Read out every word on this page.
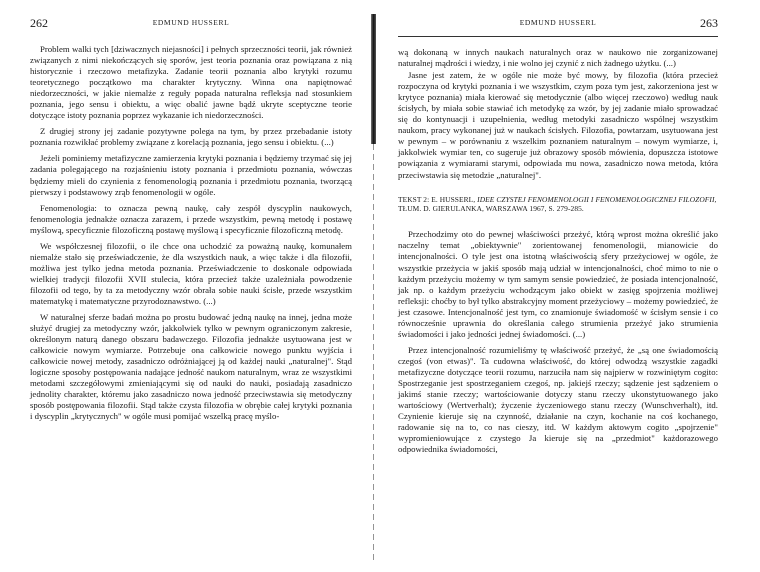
262	EDMUND HUSSERL

Problem walki tych [dziwacznych niejasności] i pełnych sprzeczności teorii, jak również związanych z nimi niekończących się sporów, jest teoria poznania oraz powiązana z nią historycznie i rzeczowo metafizyka. Zadanie teorii poznania albo krytyki rozumu teoretycznego początkowo ma charakter krytyczny. Winna ona napiętnować niedorzeczności, w jakie niemalże z reguły popada naturalna refleksja nad stosunkiem poznania, jego sensu i obiektu, a więc obalić jawne bądź ukryte sceptyczne teorie dotyczące istoty poznania poprzez wykazanie ich niedorzeczności.

Z drugiej strony jej zadanie pozytywne polega na tym, by przez przebadanie istoty poznania rozwikłać problemy związane z korelacją poznania, jego sensu i obiektu. (...)

Jeżeli pominiemy metafizyczne zamierzenia krytyki poznania i będziemy trzymać się jej zadania polegającego na rozjaśnieniu istoty poznania i przedmiotu poznania, wówczas będziemy mieli do czynienia z fenomenologią poznania i przedmiotu poznania, tworzącą pierwszy i podstawowy zrąb fenomenologii w ogóle.

Fenomenologia: to oznacza pewną naukę, cały zespół dyscyplin naukowych, fenomenologia jednakże oznacza zarazem, i przede wszystkim, pewną metodę i postawę myślową, specyficznie filozoficzną postawę myślową i specyficznie filozoficzną metodę.

We współczesnej filozofii, o ile chce ona uchodzić za poważną naukę, komunałem niemalże stało się przeświadczenie, że dla wszystkich nauk, a więc także i dla filozofii, możliwa jest tylko jedna metoda poznania. Przeświadczenie to doskonale odpowiada wielkiej tradycji filozofii XVII stulecia, która przecież także uzależniała powodzenie filozofii od tego, by ta za metodyczny wzór obrała sobie nauki ścisłe, przede wszystkim matematykę i matematyczne przyrodoznawstwo. (...)

W naturalnej sferze badań można po prostu budować jedną naukę na innej, jedna może służyć drugiej za metodyczny wzór, jakkolwiek tylko w pewnym ograniczonym zakresie, określonym naturą danego obszaru badawczego. Filozofia jednakże usytuowana jest w całkowicie nowym wymiarze. Potrzebuje ona całkowicie nowego punktu wyjścia i całkowicie nowej metody, zasadniczo odróżniającej ją od każdej nauki „naturalnej". Stąd logiczne sposoby postępowania nadające jedność naukom naturalnym, wraz ze wszystkimi metodami szczegółowymi zmieniającymi się od nauki do nauki, posiadają zasadniczo jednolity charakter, któremu jako zasadniczo nowa jedność przeciwstawia się metodyczny sposób postępowania filozofii. Stąd także czysta filozofia w obrębie całej krytyki poznania i dyscyplin „krytycznych" w ogóle musi pomijać wszelką pracę myślo-

EDMUND HUSSERL	263

wą dokonaną w innych naukach naturalnych oraz w naukowo nie zorganizowanej naturalnej mądrości i wiedzy, i nie wolno jej czynić z nich żadnego użytku. (...)

Jasne jest zatem, że w ogóle nie może być mowy, by filozofia (która przecież rozpoczyna od krytyki poznania i we wszystkim, czym poza tym jest, zakorzeniona jest w krytyce poznania) miała kierować się metodycznie (albo więcej rzeczowo) według nauk ścisłych, by miała sobie stawiać ich metodykę za wzór, by jej zadanie miało sprowadzać się do kontynuacji i uzupełnienia, według metodyki zasadniczo wspólnej wszystkim naukom, pracy wykonanej już w naukach ścisłych. Filozofia, powtarzam, usytuowana jest w pewnym – w porównaniu z wszelkim poznaniem naturalnym – nowym wymiarze, i, jakkolwiek wymiar ten, co sugeruje już obrazowy sposób mówienia, dopuszcza istotowe powiązania z wymiarami starymi, odpowiada mu nowa, zasadniczo nowa metoda, która przeciwstawia się metodzie „naturalnej".

TEKST 2: E. HUSSERL, IDEE CZYSTEJ FENOMENOLOGII I FENOMENOLOGICZNEJ FILOZOFII, TŁUM. D. GIERULANKA, WARSZAWA 1967, S. 279-285.

Przechodzimy oto do pewnej właściwości przeżyć, którą wprost można określić jako naczelny temat „obiektywnie" zorientowanej fenomenologii, mianowicie do intencjonalności. O tyle jest ona istotną właściwością sfery przeżyciowej w ogóle, że wszystkie przeżycia w jakiś sposób mają udział w intencjonalności, choć mimo to nie o każdym przeżyciu możemy w tym samym sensie powiedzieć, że posiada intencjonalność, jak np. o każdym przeżyciu wchodzącym jako obiekt w zasięg spojrzenia możliwej refleksji: choćby to był tylko abstrakcyjny moment przeżyciowy – możemy powiedzieć, że jest czasowe. Intencjonalność jest tym, co znamionuje świadomość w ścisłym sensie i co równocześnie uprawnia do określania całego strumienia przeżyć jako strumienia świadomości i jako jedności jednej świadomości. (...)

Przez intencjonalność rozumieliśmy tę właściwość przeżyć, że „są one świadomością czegoś (von etwas)". Ta cudowna właściwość, do której odwodzą wszystkie zagadki metafizyczne dotyczące teorii rozumu, narzuciła nam się najpierw w rozwiniętym cogito: Spostrzeganie jest spostrzeganiem czegoś, np. jakiejś rzeczy; sądzenie jest sądzeniem o jakimś stanie rzeczy; wartościowanie dotyczy stanu rzeczy ukonstytuowanego jako wartościowy (Wertverhalt); życzenie życzeniowego stanu rzeczy (Wunschverhalt), itd. Czynienie kieruje się na czynność, działanie na czyn, kochanie na coś kochanego, radowanie się na to, co nas cieszy, itd. W każdym aktowym cogito „spojrzenie" wypromieniowujące z czystego Ja kieruje się na „przedmiot" każdorazowego odpowiednika świadomości,
